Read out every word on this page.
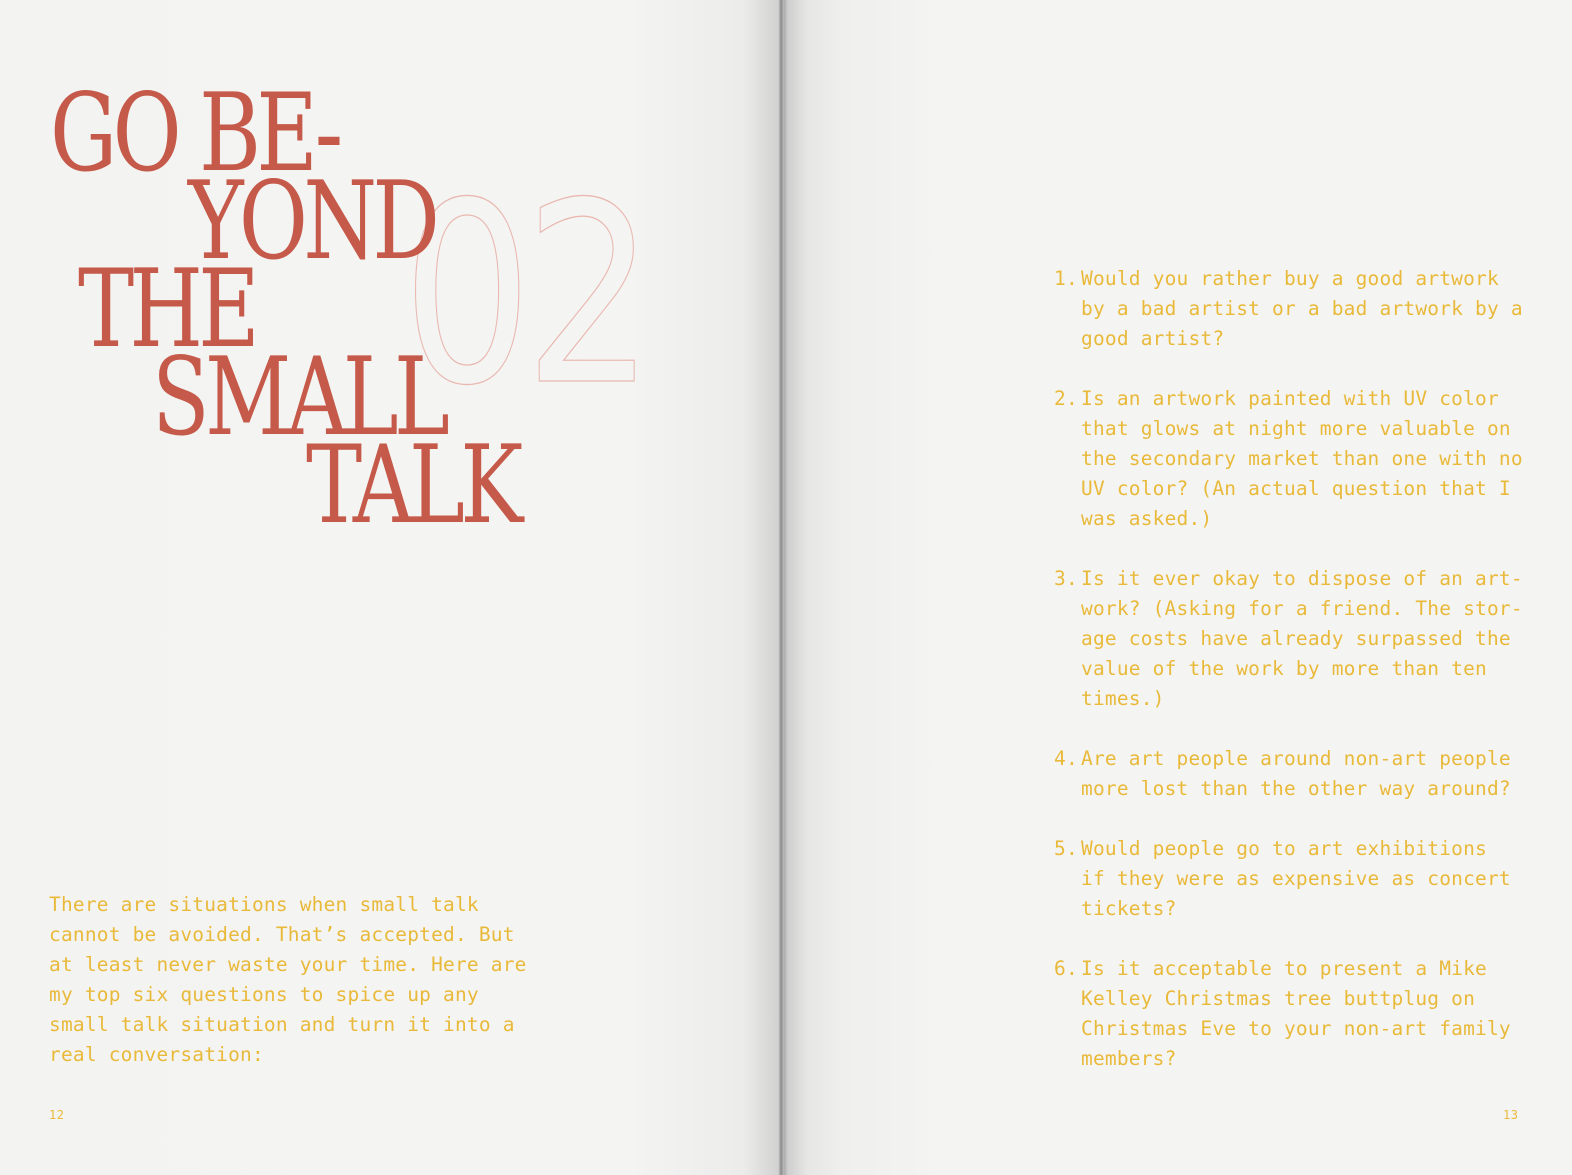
02
GO BE-
YOND
THE
SMALL
TALK
There are situations when small talk
cannot be avoided. That’s accepted. But
at least never waste your time. Here are
my top six questions to spice up any
small talk situation and turn it into a
real conversation:
12
1. Would you rather buy a good artwork
by a bad artist or a bad artwork by a
good artist?
2. Is an artwork painted with UV color
that glows at night more valuable on
the secondary market than one with no
UV color? (An actual question that I
was asked.)
3. Is it ever okay to dispose of an art-
work? (Asking for a friend. The stor-
age costs have already surpassed the
value of the work by more than ten
times.)
4. Are art people around non-art people
more lost than the other way around?
5. Would people go to art exhibitions
if they were as expensive as concert
tickets?
6. Is it acceptable to present a Mike
Kelley Christmas tree buttplug on
Christmas Eve to your non-art family
members?
13
